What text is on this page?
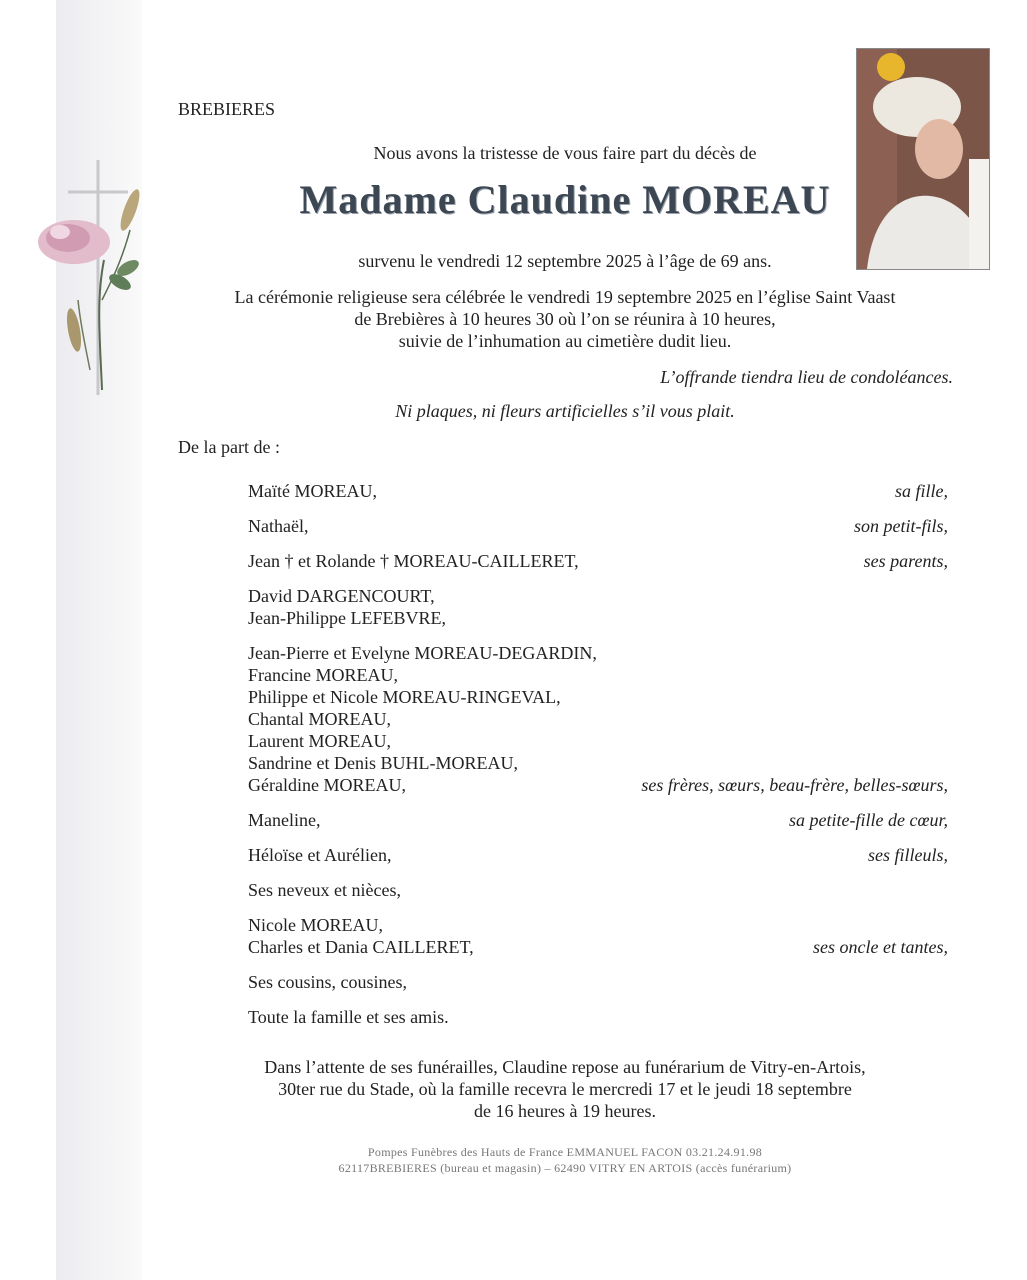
BREBIERES
Nous avons la tristesse de vous faire part du décès de
Madame Claudine MOREAU
survenu le vendredi 12 septembre 2025 à l’âge de 69 ans.
La cérémonie religieuse sera célébrée le vendredi 19 septembre 2025 en l’église Saint Vaast
de Brebières à 10 heures 30 où l’on se réunira à 10 heures,
suivie de l’inhumation au cimetière dudit lieu.
L’offrande tiendra lieu de condoléances.
Ni plaques, ni fleurs artificielles s’il vous plait.
De la part de :
Maïté MOREAU,	sa fille,
Nathaël,	son petit-fils,
Jean † et Rolande † MOREAU-CAILLERET,	ses parents,
David DARGENCOURT,
Jean-Philippe LEFEBVRE,
Jean-Pierre et Evelyne MOREAU-DEGARDIN,
Francine MOREAU,
Philippe et Nicole MOREAU-RINGEVAL,
Chantal MOREAU,
Laurent MOREAU,
Sandrine et Denis BUHL-MOREAU,
Géraldine MOREAU,	ses frères, sœurs, beau-frère, belles-sœurs,
Maneline,	sa petite-fille de cœur,
Héloïse et Aurélien,	ses filleuls,
Ses neveux et nièces,
Nicole MOREAU,
Charles et Dania CAILLERET,	ses oncle et tantes,
Ses cousins, cousines,
Toute la famille et ses amis.
Dans l’attente de ses funérailles, Claudine repose au funérarium de Vitry-en-Artois,
30ter rue du Stade, où la famille recevra le mercredi 17 et le jeudi 18 septembre
de 16 heures à 19 heures.
Pompes Funèbres des Hauts de France EMMANUEL FACON 03.21.24.91.98
62117BREBIERES (bureau et magasin) – 62490 VITRY EN ARTOIS (accès funérarium)
